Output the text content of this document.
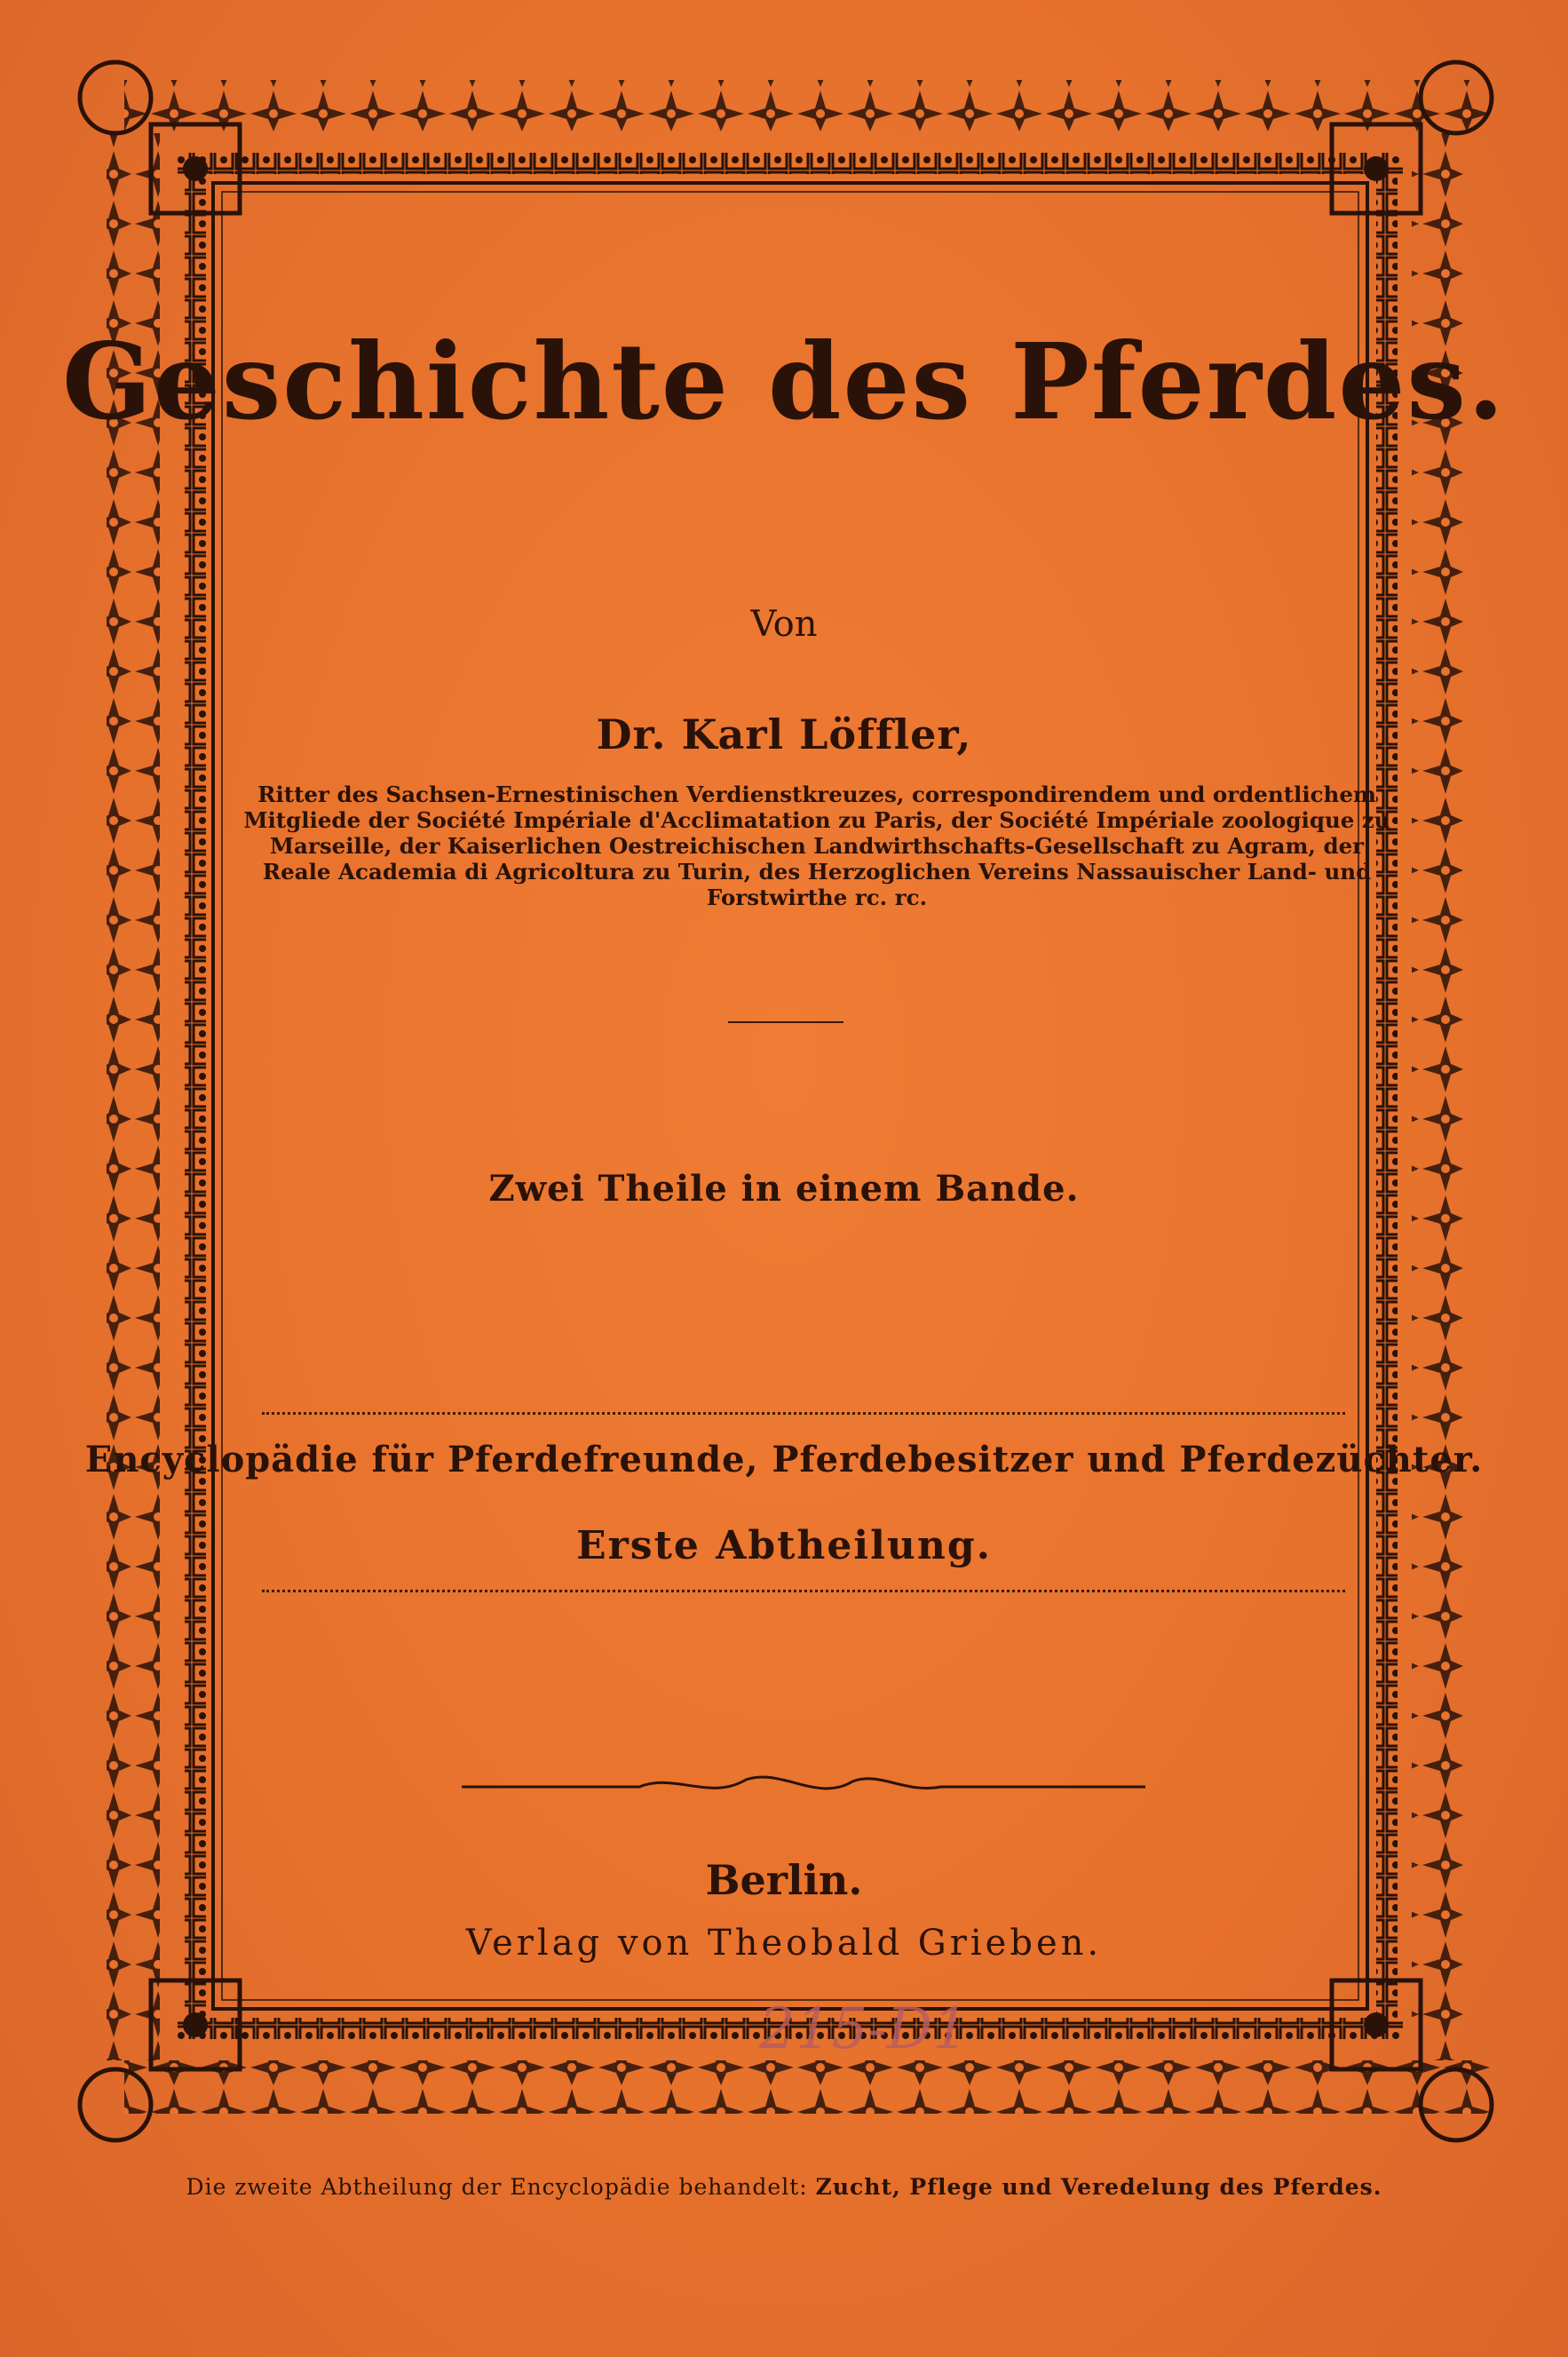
Geschichte des Pferdes.
Von
Dr. Karl Löffler,
Ritter des Sachsen-Ernestinischen Verdienstkreuzes, correspondirendem und ordentlichem Mitgliede der Société Impériale d'Acclimatation zu Paris, der Société Impériale zoologique zu Marseille, der Kaiserlichen Oestreichischen Landwirthschafts-Gesellschaft zu Agram, der Reale Academia di Agricoltura zu Turin, des Herzoglichen Vereins Nassauischer Land- und Forstwirthe rc. rc.
Zwei Theile in einem Bande.
Encyclopädie für Pferdefreunde, Pferdebesitzer und Pferdezüchter.
Erste Abtheilung.
Berlin.
Verlag von Theobald Grieben.
215-D1
Die zweite Abtheilung der Encyclopädie behandelt: Zucht, Pflege und Veredelung des Pferdes.
